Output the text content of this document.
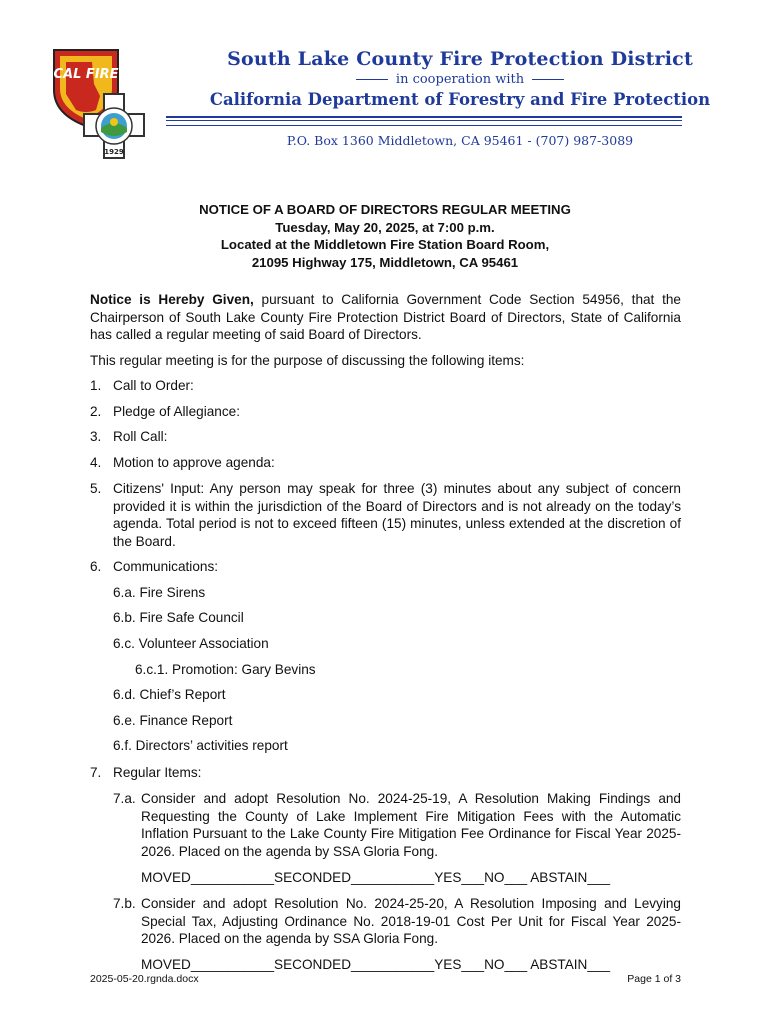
CAL FIRE
1929
South Lake County Fire Protection District
in cooperation with
California Department of Forestry and Fire Protection
P.O. Box 1360 Middletown, CA 95461 - (707) 987-3089
NOTICE OF A BOARD OF DIRECTORS REGULAR MEETING
Tuesday, May 20, 2025, at 7:00 p.m.
Located at the Middletown Fire Station Board Room,
21095 Highway 175, Middletown, CA 95461
Notice is Hereby Given, pursuant to California Government Code Section 54956, that the Chairperson of South Lake County Fire Protection District Board of Directors, State of California has called a regular meeting of said Board of Directors.
This regular meeting is for the purpose of discussing the following items:
1. Call to Order:
2. Pledge of Allegiance:
3. Roll Call:
4. Motion to approve agenda:
5. Citizens' Input: Any person may speak for three (3) minutes about any subject of concern provided it is within the jurisdiction of the Board of Directors and is not already on the today’s agenda. Total period is not to exceed fifteen (15) minutes, unless extended at the discretion of the Board.
6. Communications:
6.a. Fire Sirens
6.b. Fire Safe Council
6.c. Volunteer Association
6.c.1. Promotion: Gary Bevins
6.d. Chief’s Report
6.e. Finance Report
6.f. Directors’ activities report
7. Regular Items:
7.a. Consider and adopt Resolution No. 2024-25-19, A Resolution Making Findings and Requesting the County of Lake Implement Fire Mitigation Fees with the Automatic Inflation Pursuant to the Lake County Fire Mitigation Fee Ordinance for Fiscal Year 2025-2026. Placed on the agenda by SSA Gloria Fong.
MOVED___________SECONDED___________YES___NO___ ABSTAIN___
7.b. Consider and adopt Resolution No. 2024-25-20, A Resolution Imposing and Levying Special Tax, Adjusting Ordinance No. 2018-19-01 Cost Per Unit for Fiscal Year 2025-2026. Placed on the agenda by SSA Gloria Fong.
MOVED___________SECONDED___________YES___NO___ ABSTAIN___
2025-05-20.rgnda.docx	Page 1 of 3
